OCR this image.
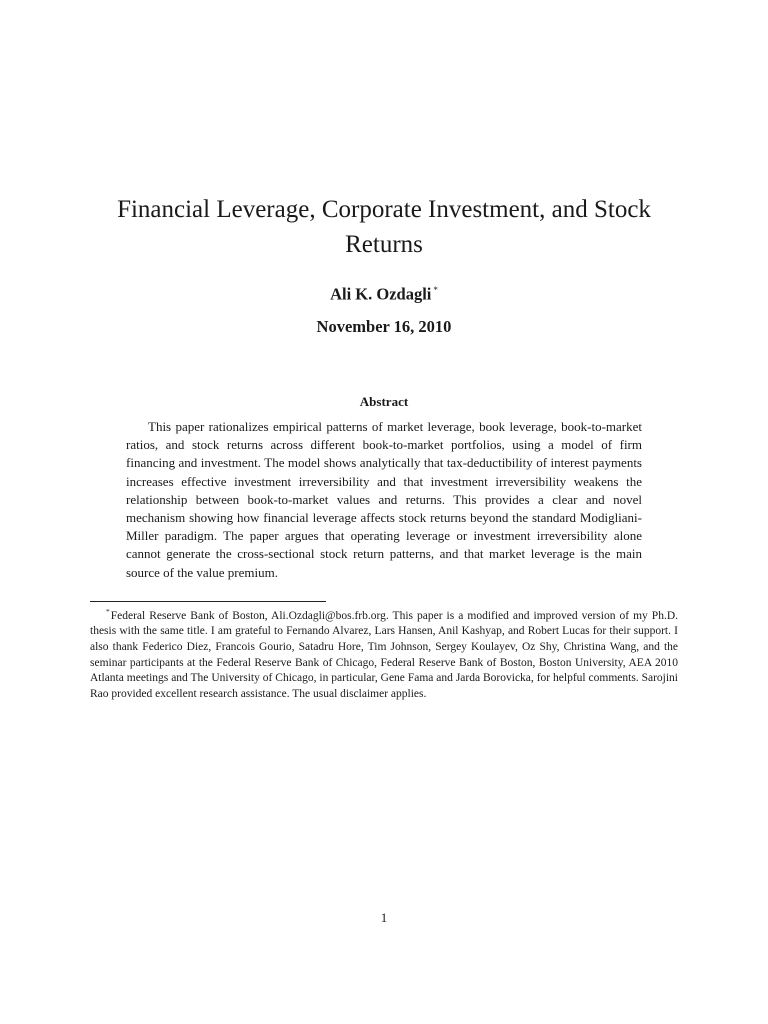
Financial Leverage, Corporate Investment, and Stock Returns
Ali K. Ozdagli *
November 16, 2010
Abstract

This paper rationalizes empirical patterns of market leverage, book leverage, book-to-market ratios, and stock returns across different book-to-market portfolios, using a model of firm financing and investment. The model shows analytically that tax-deductibility of interest payments increases effective investment irreversibility and that investment irreversibility weakens the relationship between book-to-market values and returns. This provides a clear and novel mechanism showing how financial leverage affects stock returns beyond the standard Modigliani-Miller paradigm. The paper argues that operating leverage or investment irreversibility alone cannot generate the cross-sectional stock return patterns, and that market leverage is the main source of the value premium.

*Federal Reserve Bank of Boston, Ali.Ozdagli@bos.frb.org. This paper is a modified and improved version of my Ph.D. thesis with the same title. I am grateful to Fernando Alvarez, Lars Hansen, Anil Kashyap, and Robert Lucas for their support. I also thank Federico Diez, Francois Gourio, Satadru Hore, Tim Johnson, Sergey Koulayev, Oz Shy, Christina Wang, and the seminar participants at the Federal Reserve Bank of Chicago, Federal Reserve Bank of Boston, Boston University, AEA 2010 Atlanta meetings and The University of Chicago, in particular, Gene Fama and Jarda Borovicka, for helpful comments. Sarojini Rao provided excellent research assistance. The usual disclaimer applies.

1
